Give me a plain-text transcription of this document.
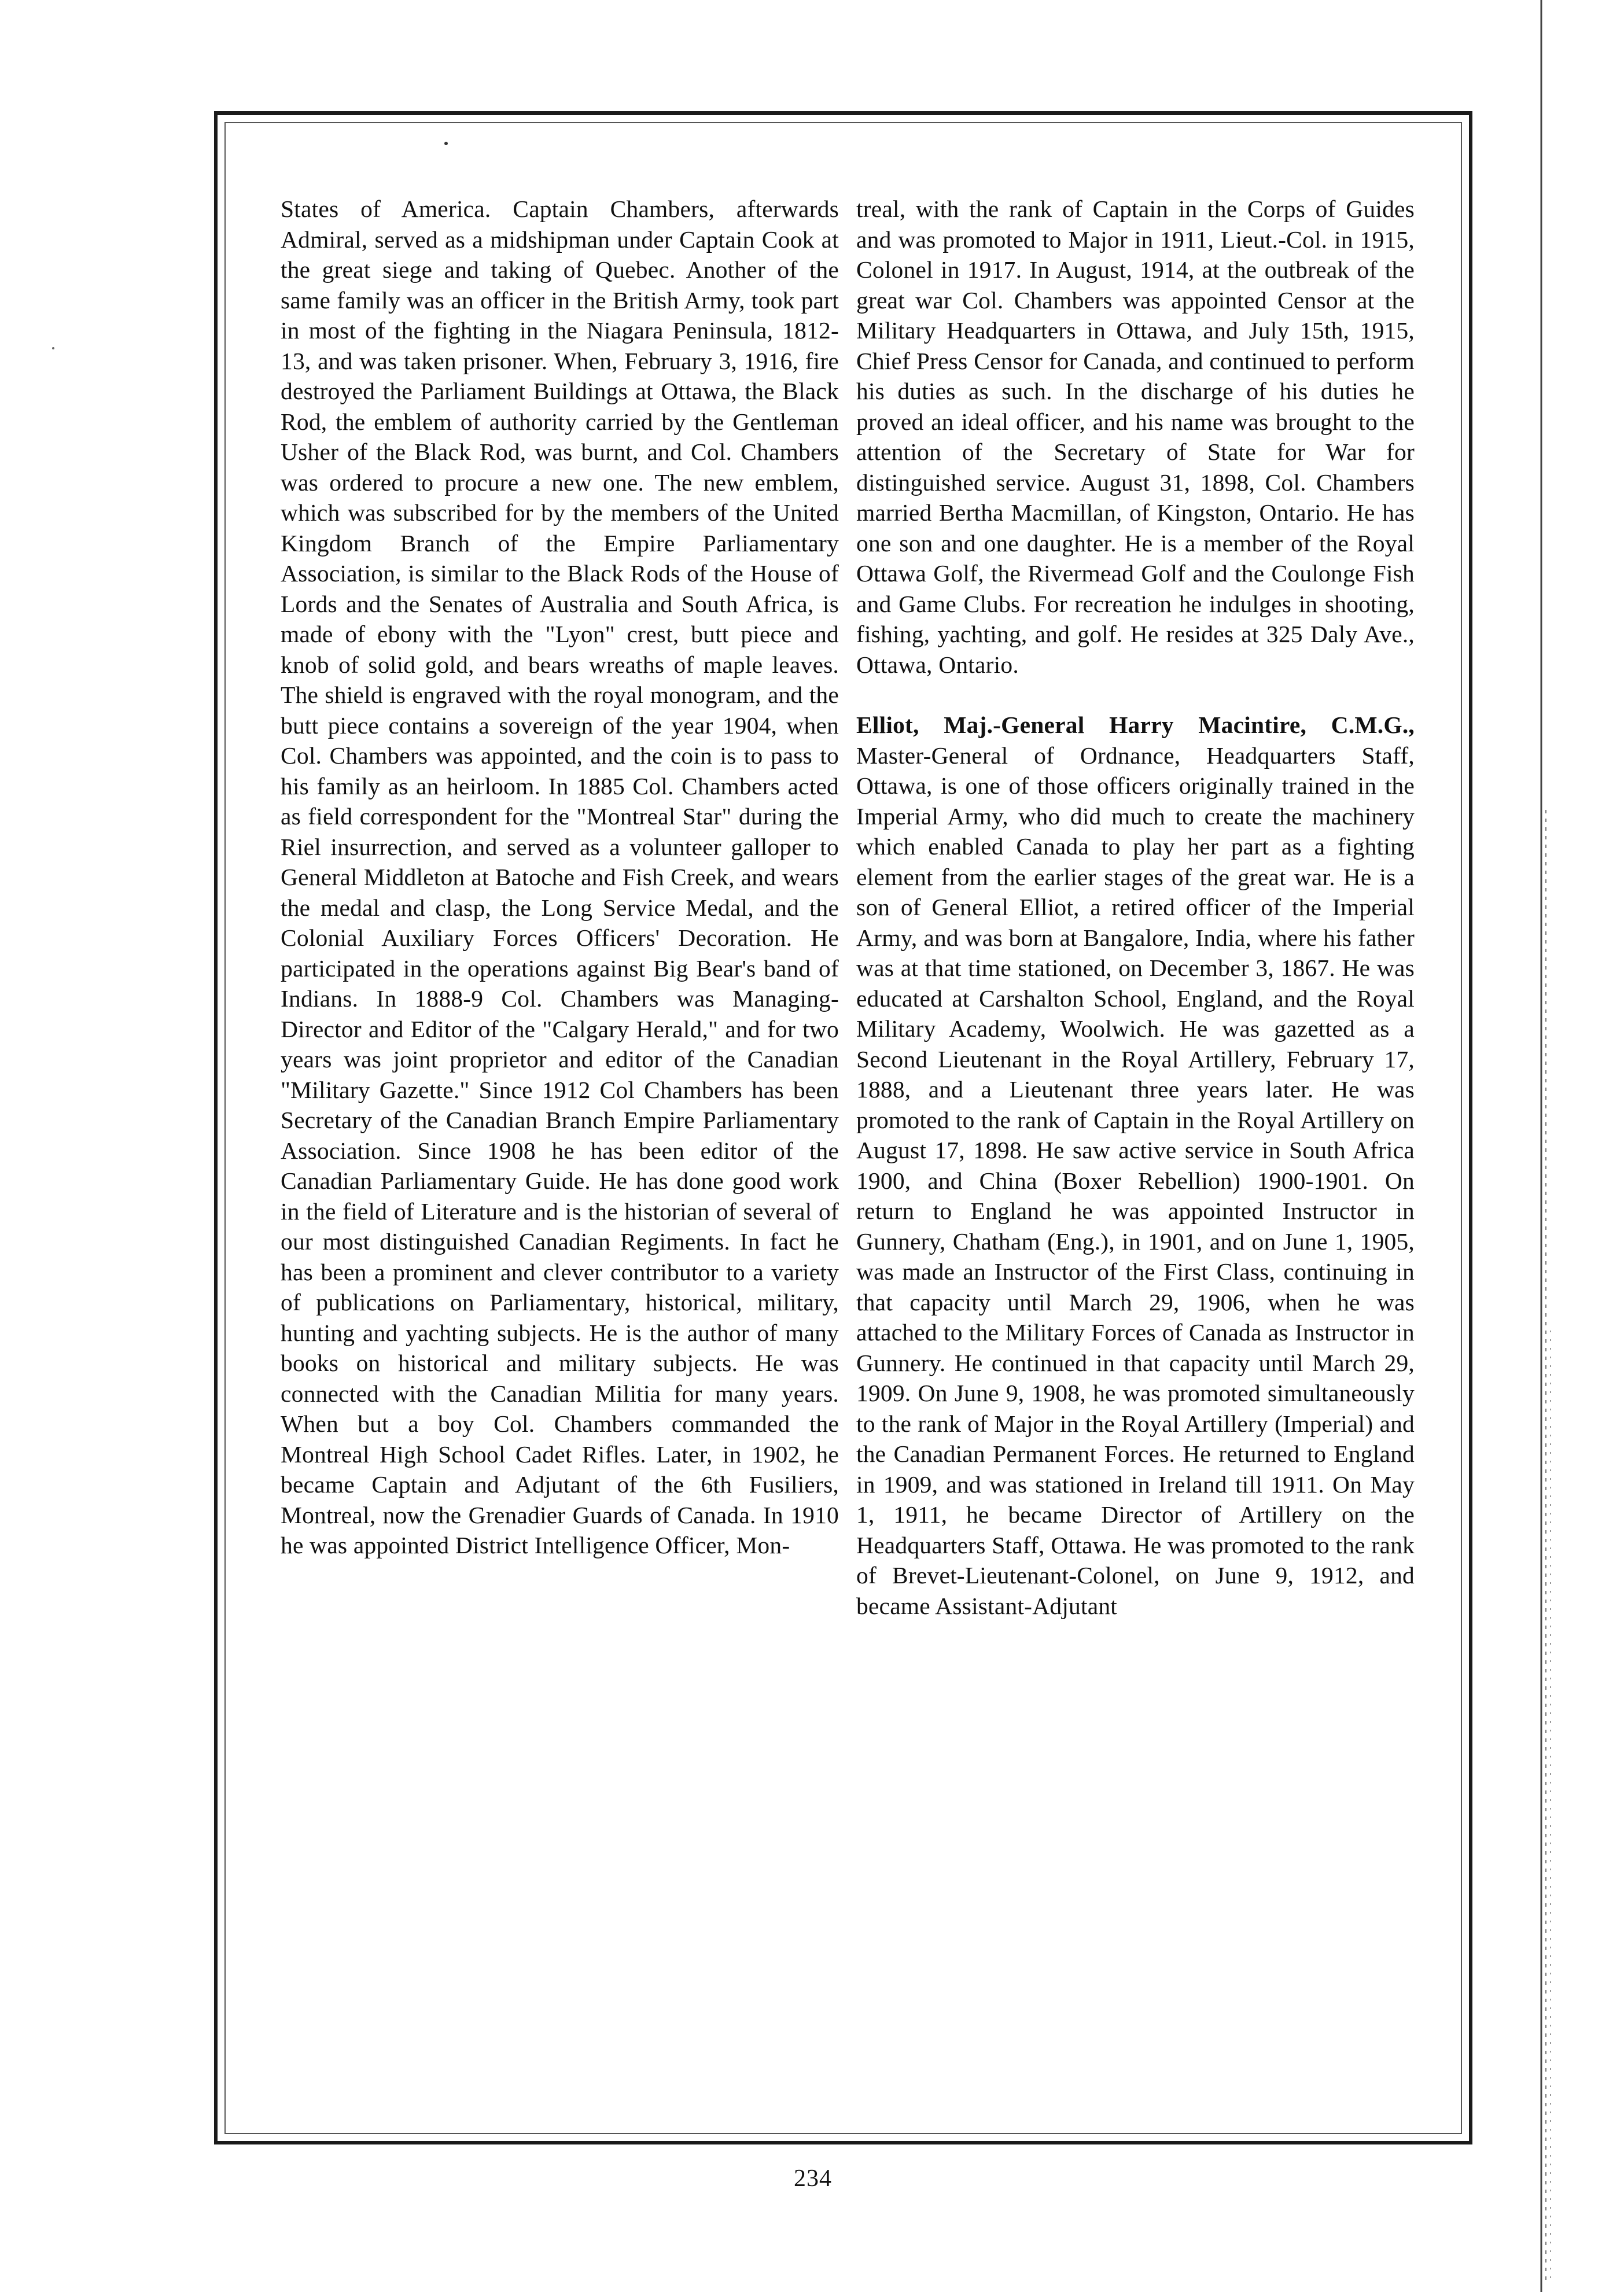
States of America. Captain Chambers, afterwards Admiral, served as a midshipman under Captain Cook at the great siege and taking of Quebec. Another of the same family was an officer in the British Army, took part in most of the fighting in the Niagara Peninsula, 1812-13, and was taken prisoner. When, February 3, 1916, fire destroyed the Parliament Buildings at Ottawa, the Black Rod, the emblem of authority carried by the Gentleman Usher of the Black Rod, was burnt, and Col. Chambers was ordered to procure a new one. The new emblem, which was subscribed for by the members of the United Kingdom Branch of the Empire Parliamentary Association, is similar to the Black Rods of the House of Lords and the Senates of Australia and South Africa, is made of ebony with the "Lyon" crest, butt piece and knob of solid gold, and bears wreaths of maple leaves. The shield is engraved with the royal monogram, and the butt piece contains a sovereign of the year 1904, when Col. Chambers was appointed, and the coin is to pass to his family as an heirloom. In 1885 Col. Chambers acted as field correspondent for the "Montreal Star" during the Riel insurrection, and served as a volunteer galloper to General Middleton at Batoche and Fish Creek, and wears the medal and clasp, the Long Service Medal, and the Colonial Auxiliary Forces Officers' Decoration. He participated in the operations against Big Bear's band of Indians. In 1888-9 Col. Chambers was Managing-Director and Editor of the "Calgary Herald," and for two years was joint proprietor and editor of the Canadian "Military Gazette." Since 1912 Col Chambers has been Secretary of the Canadian Branch Empire Parliamentary Association. Since 1908 he has been editor of the Canadian Parliamentary Guide. He has done good work in the field of Literature and is the historian of several of our most distinguished Canadian Regiments. In fact he has been a prominent and clever contributor to a variety of publications on Parliamentary, historical, military, hunting and yachting subjects. He is the author of many books on historical and military subjects. He was connected with the Canadian Militia for many years. When but a boy Col. Chambers commanded the Montreal High School Cadet Rifles. Later, in 1902, he became Captain and Adjutant of the 6th Fusiliers, Montreal, now the Grenadier Guards of Canada. In 1910 he was appointed District Intelligence Officer, Mon-

treal, with the rank of Captain in the Corps of Guides and was promoted to Major in 1911, Lieut.-Col. in 1915, Colonel in 1917. In August, 1914, at the outbreak of the great war Col. Chambers was appointed Censor at the Military Headquarters in Ottawa, and July 15th, 1915, Chief Press Censor for Canada, and continued to perform his duties as such. In the discharge of his duties he proved an ideal officer, and his name was brought to the attention of the Secretary of State for War for distinguished service. August 31, 1898, Col. Chambers married Bertha Macmillan, of Kingston, Ontario. He has one son and one daughter. He is a member of the Royal Ottawa Golf, the Rivermead Golf and the Coulonge Fish and Game Clubs. For recreation he indulges in shooting, fishing, yachting, and golf. He resides at 325 Daly Ave., Ottawa, Ontario.

Elliot, Maj.-General Harry Macintire, C.M.G., Master-General of Ordnance, Headquarters Staff, Ottawa, is one of those officers originally trained in the Imperial Army, who did much to create the machinery which enabled Canada to play her part as a fighting element from the earlier stages of the great war. He is a son of General Elliot, a retired officer of the Imperial Army, and was born at Bangalore, India, where his father was at that time stationed, on December 3, 1867. He was educated at Carshalton School, England, and the Royal Military Academy, Woolwich. He was gazetted as a Second Lieutenant in the Royal Artillery, February 17, 1888, and a Lieutenant three years later. He was promoted to the rank of Captain in the Royal Artillery on August 17, 1898. He saw active service in South Africa 1900, and China (Boxer Rebellion) 1900-1901. On return to England he was appointed Instructor in Gunnery, Chatham (Eng.), in 1901, and on June 1, 1905, was made an Instructor of the First Class, continuing in that capacity until March 29, 1906, when he was attached to the Military Forces of Canada as Instructor in Gunnery. He continued in that capacity until March 29, 1909. On June 9, 1908, he was promoted simultaneously to the rank of Major in the Royal Artillery (Imperial) and the Canadian Permanent Forces. He returned to England in 1909, and was stationed in Ireland till 1911. On May 1, 1911, he became Director of Artillery on the Headquarters Staff, Ottawa. He was promoted to the rank of Brevet-Lieutenant-Colonel, on June 9, 1912, and became Assistant-Adjutant

234
